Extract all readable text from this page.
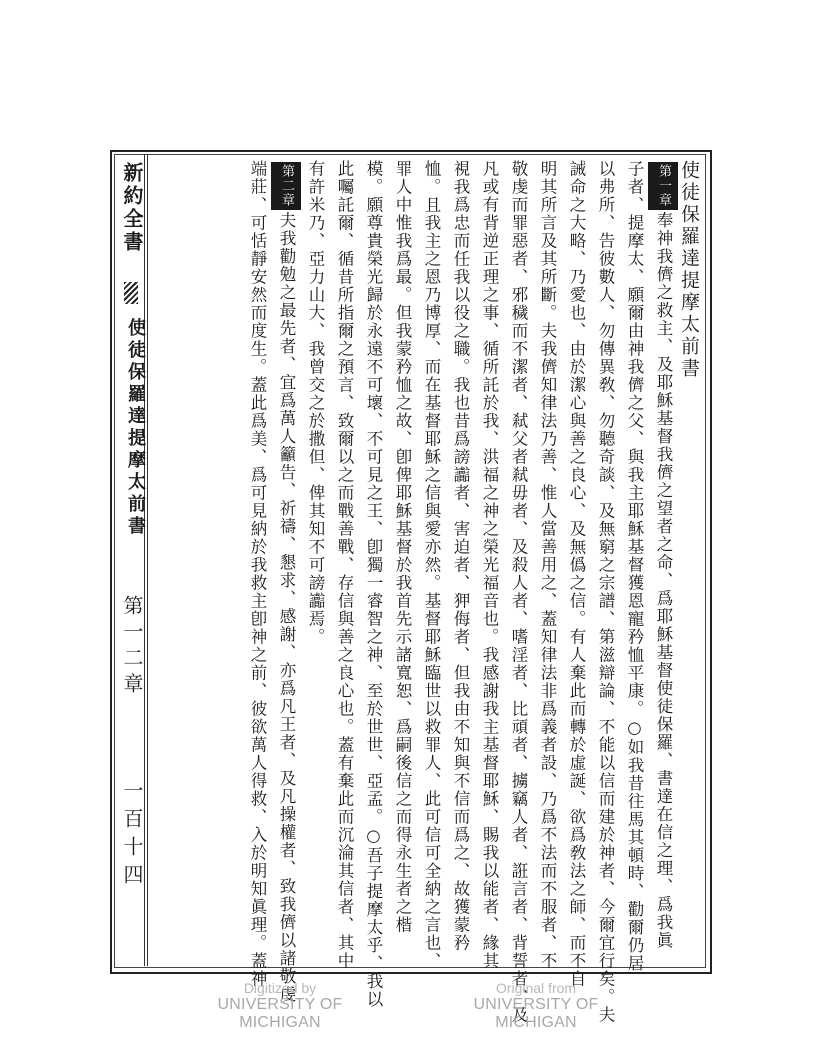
新約全書
使徒保羅達提摩太前書
第一二章
一百十四
使徒保羅達提摩太前書
第一章奉神我儕之救主、及耶穌基督我儕之望者之命、爲耶穌基督使徒保羅、書達在信之理、爲我眞
子者、提摩太、願爾由神我儕之父、與我主耶穌基督獲恩寵矜恤平康。○如我昔往馬其頓時、勸爾仍居
以弗所、告彼數人、勿傳異敎、勿聽奇談、及無窮之宗譜、第滋辯論、不能以信而建於神者、今爾宜行矣。夫
誡命之大略、乃愛也、由於潔心與善之良心、及無僞之信。有人棄此而轉於虛誕、欲爲敎法之師、而不自
明其所言及其所斷。夫我儕知律法乃善、惟人當善用之、蓋知律法非爲義者設、乃爲不法而不服者、不
敬虔而罪惡者、邪穢而不潔者、弒父者弒毋者、及殺人者、嗜淫者、比頑者、擄竊人者、誑言者、背誓者、及
凡或有背逆正理之事、循所託於我、洪福之神之榮光福音也。我感謝我主基督耶穌、賜我以能者、緣其
視我爲忠而任我以役之職。我也昔爲謗讟者、害迫者、狎侮者、但我由不知與不信而爲之、故獲蒙矜
恤。且我主之恩乃博厚、而在基督耶穌之信與愛亦然。基督耶穌臨世以救罪人、此可信可全納之言也、
罪人中惟我爲最。但我蒙矜恤之故、卽俾耶穌基督於我首先示諸寬恕、爲嗣後信之而得永生者之楷
模。願尊貴榮光歸於永遠不可壞、不可見之王、卽獨一睿智之神、至於世世、亞孟。○吾子提摩太乎、我以
此囑託爾、循昔所指爾之預言、致爾以之而戰善戰、存信與善之良心也。蓋有棄此而沉淪其信者、其中
有許米乃、亞力山大、我曾交之於撒但、俾其知不可謗讟焉。
第二章夫我勸勉之最先者、宜爲萬人籲告、祈禱、懇求、感謝、亦爲凡王者、及凡操權者、致我儕以諸敬虔
端莊、可恬靜安然而度生。蓋此爲美、爲可見納於我救主卽神之前、彼欲萬人得救、入於明知眞理。蓋神
Digitized by
UNIVERSITY OF MICHIGAN
Original from
UNIVERSITY OF MICHIGAN
